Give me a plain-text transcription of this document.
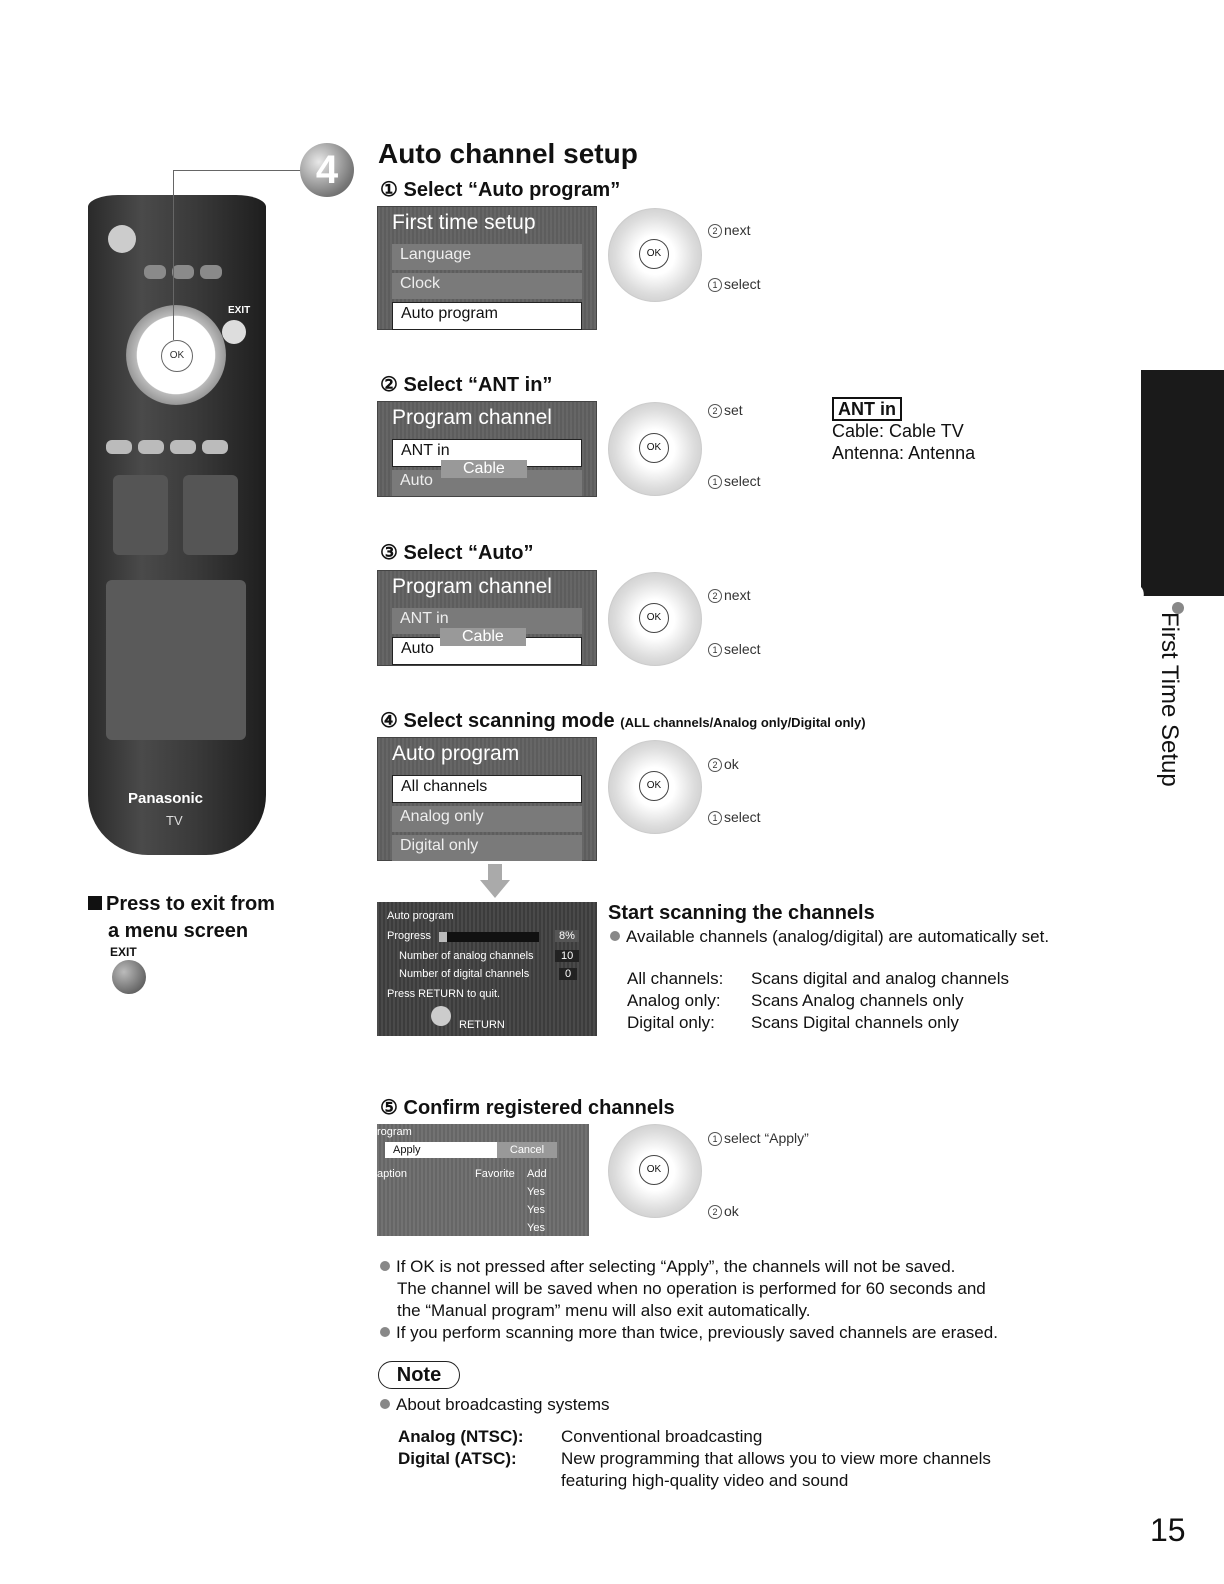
EXIT
OK
Panasonic
TV
Press to exit from
a menu screen
EXIT
4	Auto channel setup
① Select “Auto program”
First time setup
Language
Clock
Auto program
OK
2 next
1 select
② Select “ANT in”
Program channel
ANT inCable
Auto
OK
2 set
1 select
ANT in
Cable: Cable TV
Antenna: Antenna
③ Select “Auto”
Program channel
ANT inCable
Auto
OK
2 next
1 select
④ Select scanning mode (ALL channels/Analog only/Digital only)
Auto program
All channels
Analog only
Digital only
OK
2 ok
1 select
Auto program
Progress	8%
Number of analog channels	10
Number of digital channels	0
Press RETURN to quit.
RETURN
Start scanning the channels
Available channels (analog/digital) are automatically set.
All channels: Scans digital and analog channels
Analog only: Scans Analog channels only
Digital only: Scans Digital channels only
⑤ Confirm registered channels
rogram
Apply	Cancel
aption	Favorite Add
Yes
Yes
Yes
OK
1 select “Apply”
2 ok
If OK is not pressed after selecting “Apply”, the channels will not be saved.
The channel will be saved when no operation is performed for 60 seconds and
the “Manual program” menu will also exit automatically.
If you perform scanning more than twice, previously saved channels are erased.
Note
About broadcasting systems
Analog (NTSC): Conventional broadcasting
Digital (ATSC):	New programming that allows you to view more channels
featuring high-quality video and sound
Quick Start
Guide	First Time Setup
15
